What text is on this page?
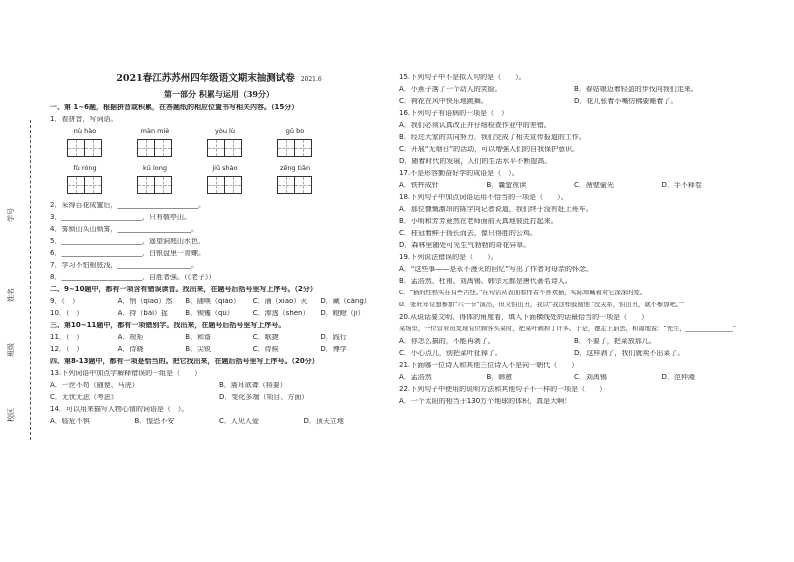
学号
姓名
班级
校区
2021春江苏苏州四年级语文期末抽测试卷 2021.6
第一部分 积累与运用（39分）
一、第 1~6题，根据拼音或积累，在答题纸的相应位置书写相关内容。（15分）
1．看拼音，写词语。
nù hào	màn miè	yòu lù	gū bo
fù róng	kū long	jiǔ shào	zēng tiān
2．采得百花成蜜后，_______________________。
3．_______________________，只有敬亭山。
4．雾锁山头山锁雾，_____________________。
5．_______________________，遥望洞庭山水色，
6．_______________________，白银盘里一青螺。
7．学习不怕根底浅，_____________________。
8．_______________________，自胜者强。（《老子》）
二、9~10题中，都有一项含有错误读音。找出来，在题号后括号里写上序号。（2分）
9．（　）	A．悄（qiāo）然	B．随唤（qiào）	C．涌（xiāo）灭	D．藏（cáng）
10．（　）	A．持（bǎi）捉	B．锲镵（qù）	C．渗透（shèn）	D．瞪瞪（jì）
三、第10~11题中，都有一项错别字。找出来，在题号后括号里写上序号。
11．（　）	A．规矩	B．和谐	C．歌捷	D．践行
12．（　）	A．侍晓	B．尖锐	C．侍候	D．博学
四、第8-13题中，都有一项是恰当的。把它找出来，在题后括号里写上序号。（20分）
13.下列词语中加点字解释错误的一组是（　　）
A．一丝不苟（随便、马虎）	B．震耳欲聋（将要）
C．无忧无虑（考虑）	D．变化多端（项目、方面）
14．可以用来描写人物心情的词语是（　）。
A．临危不惧	B．惶恐不安	C．人见人爱	D．顶天立地
15.下列句子中不是拟人句的是（　　）。
A．小燕子落了一个动人的笑脸。	B．春姑娘迈着轻盈的步伐向我们走来。
C．荷花在风中快乐地跳舞。	D．花儿张着小嘴仿佛要睡着了。
16.下列句子有语病的一项是（　）
A．我们必须认真改正并仔细检查作业中的差错。
B．经过大家的共同努力，我们完成了相关宣传报道的工作。
C．开展“无烟日”的活动，可以增强人们的自我保护意识。
D．随着时代的发展，人们的生活水平不断提高。
17.不是形容勤奋好学的成语是（　）。
A．铁杵成针	B．囊萤夜读	C．凿壁偷光	D．手不释卷
18.下列句子中加点词语运用不恰当的一项是（　　）。
A．那位慷慨激昂的陈宇向记者说道，我们终于没有赶上班车。
B．小明和芳芳竟然在老师面前天真地彼此打起来。
C．桂冠着鲜于扬长而去，像只得胜的公鸡。
D．森林里随处可见生气勃勃的奇花异草。
19.下列说法错误的是（　　）。
A．“这些事——是永不漫灭的回忆”写出了作者对母亲的怀念。
B．孟浩然、杜甫、刘禹锡、韩宗元都是唐代著名诗人。
C．“猫的性格实在有些古怪。”在句话从表面看作者不喜欢猫，实际却藏着对它深深的爱。
D．张旺年常想参加“六一节”演出，但又怕出丑，我以“我这样鼓励他 ‘没关系，怕出丑，就不参加吧。’”
20.从说话要文明、得体的角度看，填入下面横线处的话最恰当的一项是（　　）
菜场里，一位营业员发现有位顾客买菜时，把菜叶剥掉了许多。于是，她走上前去，和蔼地说：“先生，_______________”
A．你怎么搞的，不能再剥了。	B．不要了，把菜放那儿。
C．小心点儿，别把菜叶扯掉了。	D．这样剥了，我们就卖不出菜了。
21.下面哪一位诗人和其他三位诗人不是同一朝代（　　）
A．孟浩然	B．韩愈	C．刘禹锡	D．范仲淹
22.下列句子中使用的说明方法和其他句子不一样的一项是（　　）
A．一个太阳的相当于130万个地球的体积，真是大啊！
